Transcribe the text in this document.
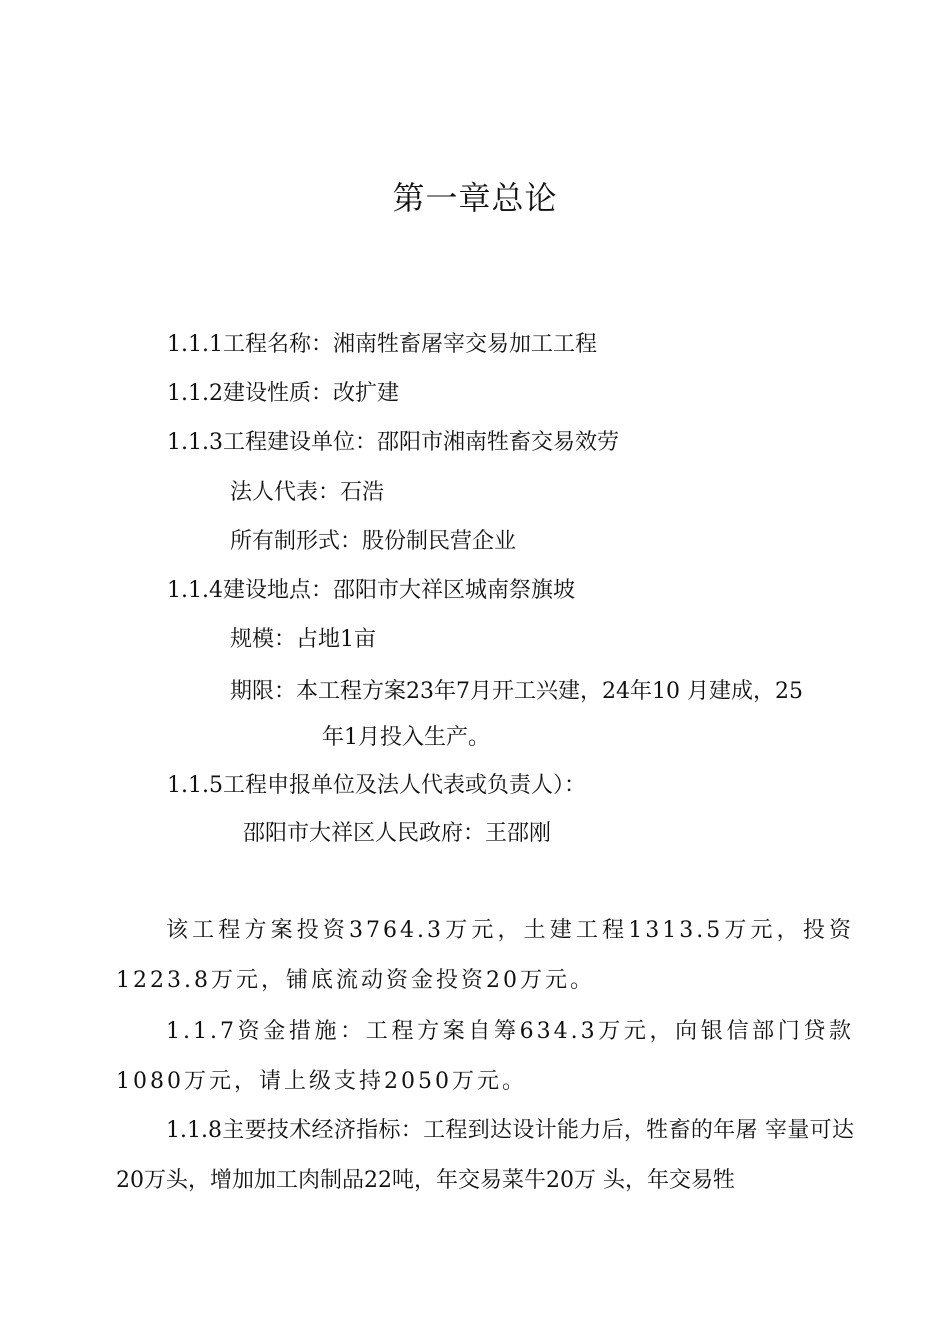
第一章总论
1.1.1工程名称：湘南牲畜屠宰交易加工工程
1.1.2建设性质：改扩建
1.1.3工程建设单位：邵阳市湘南牲畜交易效劳
法人代表：石浩
所有制形式：股份制民营企业
1.1.4建设地点：邵阳市大祥区城南祭旗坡
规模：占地1亩
期限：本工程方案23年7月开工兴建，24年10 月建成，25
年1月投入生产。
1.1.5工程申报单位及法人代表或负责人）：
邵阳市大祥区人民政府：王邵刚

该工程方案投资3764.3万元，土建工程1313.5万元，投资1223.8万元，铺底流动资金投资20万元。

1.1.7资金措施：工程方案自筹634.3万元，向银信部门贷款1080万元，请上级支持2050万元。

1.1.8主要技术经济指标：工程到达设计能力后，牲畜的年屠 宰量可达20万头，增加加工肉制品22吨，年交易菜牛20万 头，年交易牲
